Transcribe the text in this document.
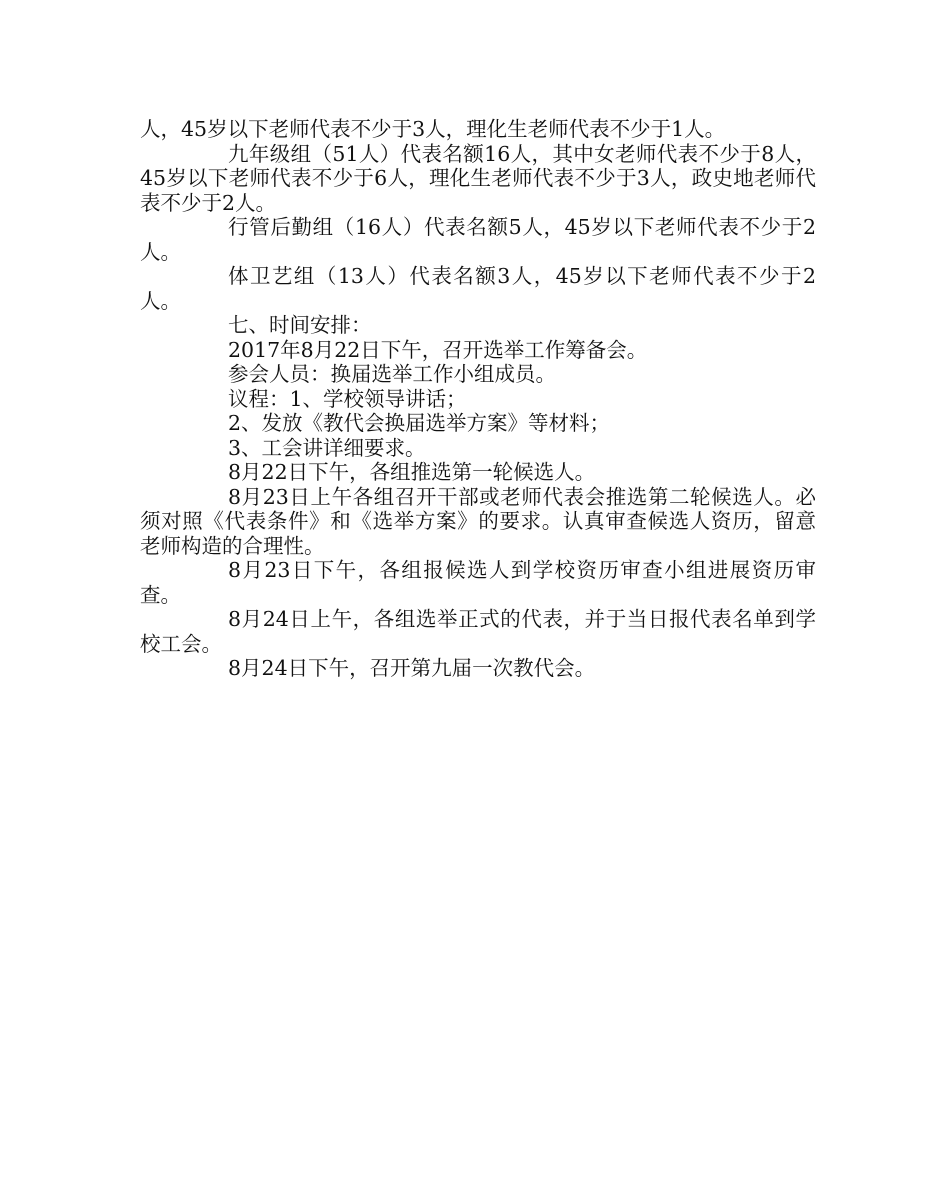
人，45岁以下老师代表不少于3人，理化生老师代表不少于1人。

九年级组（51人）代表名额16人，其中女老师代表不少于8人，45岁以下老师代表不少于6人，理化生老师代表不少于3人，政史地老师代表不少于2人。

行管后勤组（16人）代表名额5人，45岁以下老师代表不少于2人。

体卫艺组（13人）代表名额3人，45岁以下老师代表不少于2人。

七、时间安排：

2017年8月22日下午，召开选举工作筹备会。

参会人员：换届选举工作小组成员。

议程：1、学校领导讲话；

2、发放《教代会换届选举方案》等材料；

3、工会讲详细要求。

8月22日下午，各组推选第一轮候选人。

8月23日上午各组召开干部或老师代表会推选第二轮候选人。必须对照《代表条件》和《选举方案》的要求。认真审查候选人资历，留意老师构造的合理性。

8月23日下午，各组报候选人到学校资历审查小组进展资历审查。

8月24日上午，各组选举正式的代表，并于当日报代表名单到学校工会。

8月24日下午，召开第九届一次教代会。
